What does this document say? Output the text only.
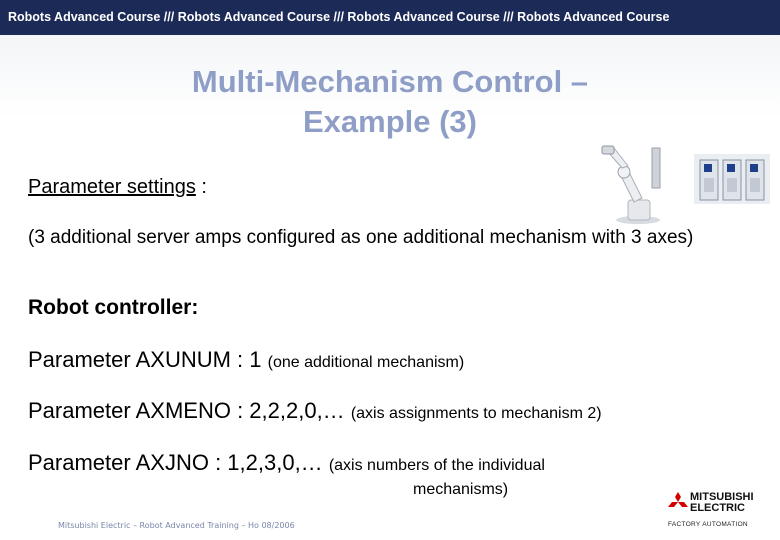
Robots Advanced Course /// Robots Advanced Course /// Robots Advanced Course /// Robots Advanced Course
Multi-Mechanism Control –
Example (3)
Parameter settings :
(3 additional server amps configured as one additional mechanism with 3 axes)
Robot controller:
Parameter AXUNUM : 1 (one additional mechanism)
Parameter AXMENO : 2,2,2,0,… (axis assignments to mechanism 2)
Parameter AXJNO : 1,2,3,0,… (axis numbers of the individual
mechanisms)
Mitsubishi Electric – Robot Advanced Training – Ho 08/2006
MITSUBISHI
ELECTRIC
FACTORY AUTOMATION
